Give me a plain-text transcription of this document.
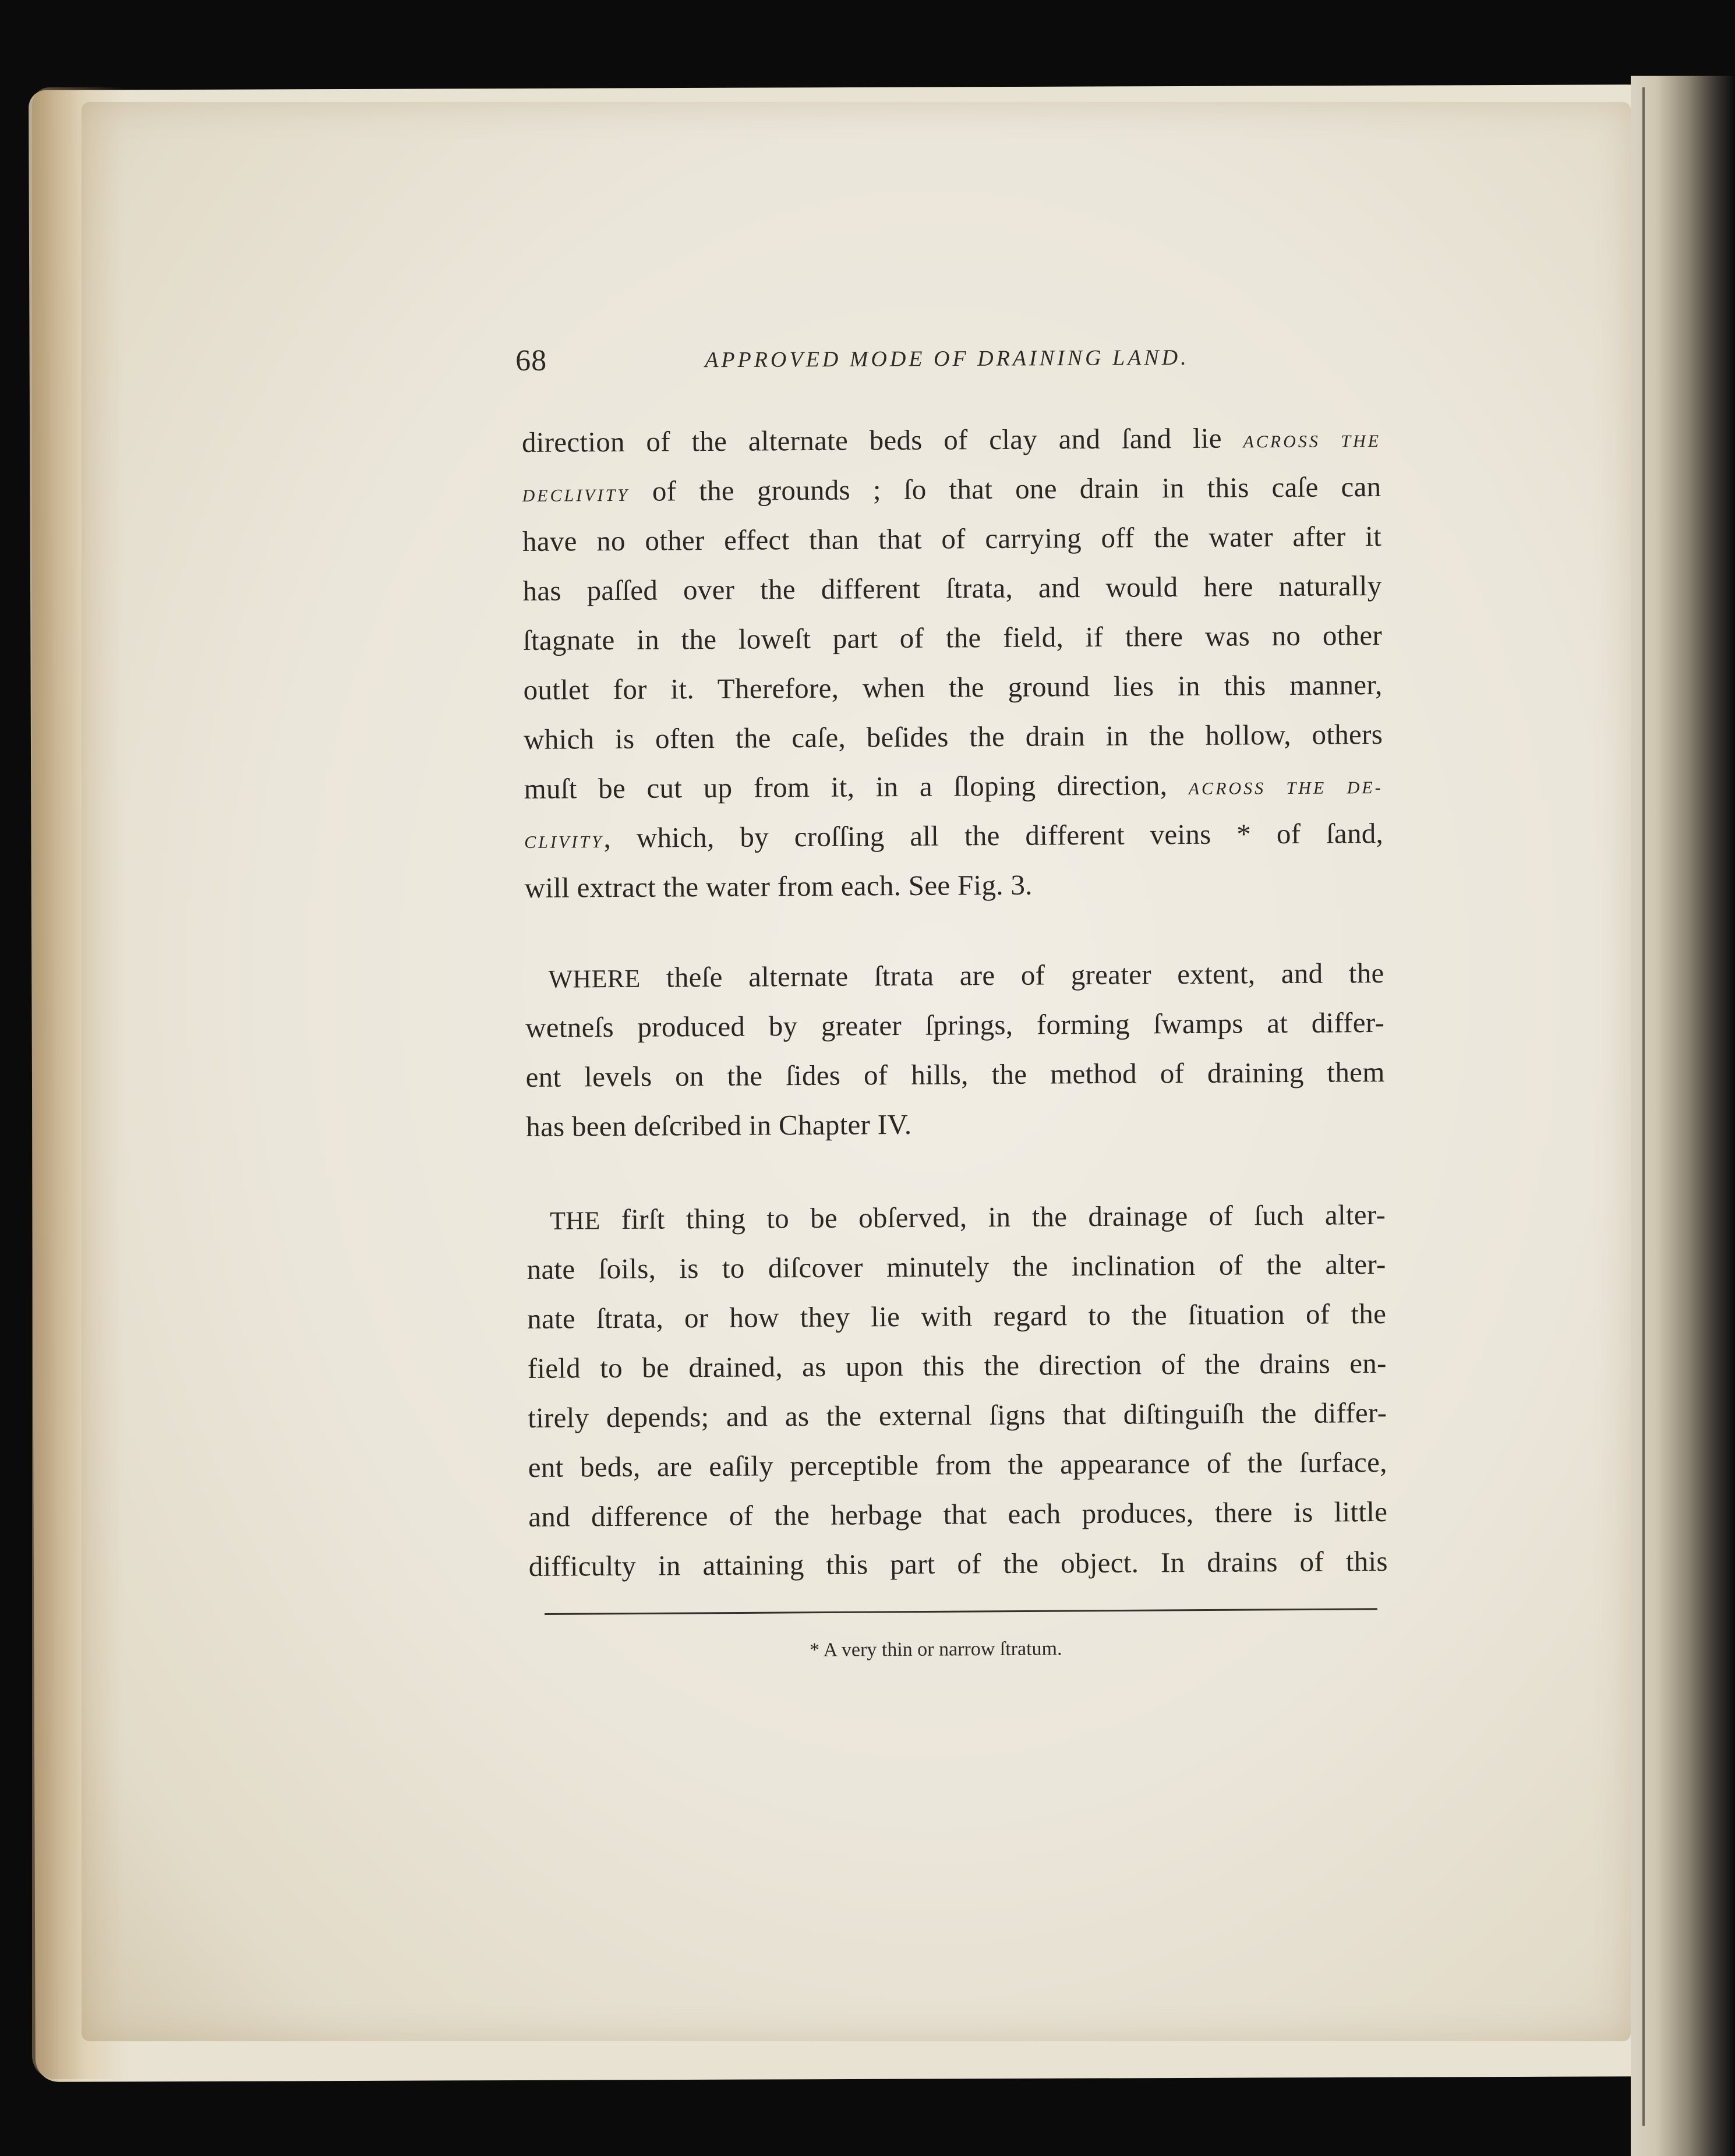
68	APPROVED MODE OF DRAINING LAND.
direction of the alternate beds of clay and ſand lie ACROSS THE
DECLIVITY of the grounds ; ſo that one drain in this caſe can
have no other effect than that of carrying off the water after it
has paſſed over the different ſtrata, and would here naturally
ſtagnate in the loweſt part of the field, if there was no other
outlet for it. Therefore, when the ground lies in this manner,
which is often the caſe, beſides the drain in the hollow, others
muſt be cut up from it, in a ſloping direction, ACROSS THE DE-
CLIVITY, which, by croſſing all the different veins * of ſand,
will extract the water from each. See Fig. 3.
WHERE theſe alternate ſtrata are of greater extent, and the
wetneſs produced by greater ſprings, forming ſwamps at differ-
ent levels on the ſides of hills, the method of draining them
has been deſcribed in Chapter IV.
THE firſt thing to be obſerved, in the drainage of ſuch alter-
nate ſoils, is to diſcover minutely the inclination of the alter-
nate ſtrata, or how they lie with regard to the ſituation of the
field to be drained, as upon this the direction of the drains en-
tirely depends; and as the external ſigns that diſtinguiſh the differ-
ent beds, are eaſily perceptible from the appearance of the ſurface,
and difference of the herbage that each produces, there is little
difficulty in attaining this part of the object. In drains of this
* A very thin or narrow ſtratum.
